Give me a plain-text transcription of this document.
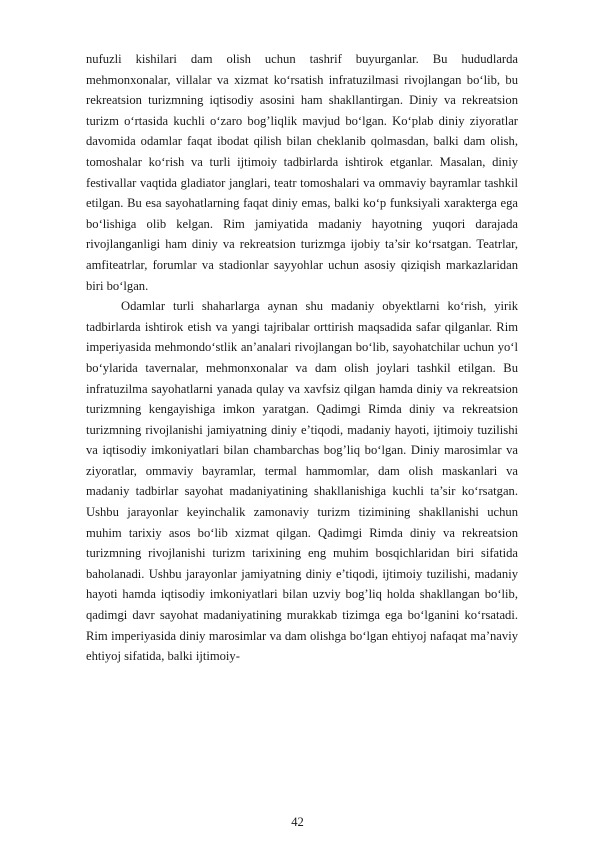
nufuzli kishilari dam olish uchun tashrif buyurganlar. Bu hududlarda mehmonxonalar, villalar va xizmat ko‘rsatish infratuzilmasi rivojlangan bo‘lib, bu rekreatsion turizmning iqtisodiy asosini ham shakllantirgan. Diniy va rekreatsion turizm o‘rtasida kuchli o‘zaro bog’liqlik mavjud bo‘lgan. Ko‘plab diniy ziyoratlar davomida odamlar faqat ibodat qilish bilan cheklanib qolmasdan, balki dam olish, tomoshalar ko‘rish va turli ijtimoiy tadbirlarda ishtirok etganlar. Masalan, diniy festivallar vaqtida gladiator janglari, teatr tomoshalari va ommaviy bayramlar tashkil etilgan. Bu esa sayohatlarning faqat diniy emas, balki ko‘p funksiyali xarakterga ega bo‘lishiga olib kelgan. Rim jamiyatida madaniy hayotning yuqori darajada rivojlanganligi ham diniy va rekreatsion turizmga ijobiy ta’sir ko‘rsatgan. Teatrlar, amfiteatrlar, forumlar va stadionlar sayyohlar uchun asosiy qiziqish markazlaridan biri bo‘lgan.

Odamlar turli shaharlarga aynan shu madaniy obyektlarni ko‘rish, yirik tadbirlarda ishtirok etish va yangi tajribalar orttirish maqsadida safar qilganlar. Rim imperiyasida mehmondo‘stlik an’analari rivojlangan bo‘lib, sayohatchilar uchun yo‘l bo‘ylarida tavernalar, mehmonxonalar va dam olish joylari tashkil etilgan. Bu infratuzilma sayohatlarni yanada qulay va xavfsiz qilgan hamda diniy va rekreatsion turizmning kengayishiga imkon yaratgan. Qadimgi Rimda diniy va rekreatsion turizmning rivojlanishi jamiyatning diniy e’tiqodi, madaniy hayoti, ijtimoiy tuzilishi va iqtisodiy imkoniyatlari bilan chambarchas bog’liq bo‘lgan. Diniy marosimlar va ziyoratlar, ommaviy bayramlar, termal hammomlar, dam olish maskanlari va madaniy tadbirlar sayohat madaniyatining shakllanishiga kuchli ta’sir ko‘rsatgan. Ushbu jarayonlar keyinchalik zamonaviy turizm tizimining shakllanishi uchun muhim tarixiy asos bo‘lib xizmat qilgan. Qadimgi Rimda diniy va rekreatsion turizmning rivojlanishi turizm tarixining eng muhim bosqichlaridan biri sifatida baholanadi. Ushbu jarayonlar jamiyatning diniy e’tiqodi, ijtimoiy tuzilishi, madaniy hayoti hamda iqtisodiy imkoniyatlari bilan uzviy bog’liq holda shakllangan bo‘lib, qadimgi davr sayohat madaniyatining murakkab tizimga ega bo‘lganini ko‘rsatadi. Rim imperiyasida diniy marosimlar va dam olishga bo‘lgan ehtiyoj nafaqat ma’naviy ehtiyoj sifatida, balki ijtimoiy-

42
